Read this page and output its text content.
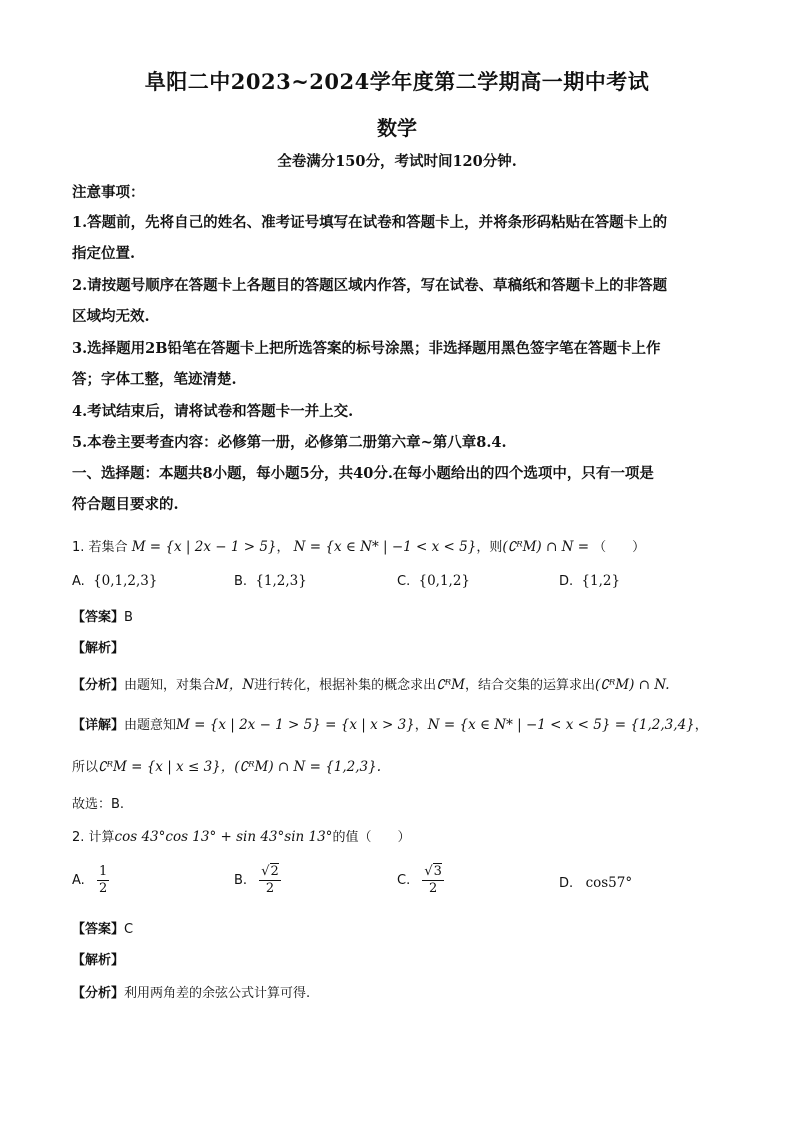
阜阳二中2023~2024学年度第二学期高一期中考试
数学
全卷满分150分，考试时间120分钟.
注意事项：
1.答题前，先将自己的姓名、准考证号填写在试卷和答题卡上，并将条形码粘贴在答题卡上的
指定位置.
2.请按题号顺序在答题卡上各题目的答题区域内作答，写在试卷、草稿纸和答题卡上的非答题
区域均无效.
3.选择题用2B铅笔在答题卡上把所选答案的标号涂黑；非选择题用黑色签字笔在答题卡上作
答；字体工整，笔迹清楚.
4.考试结束后，请将试卷和答题卡一并上交.
5.本卷主要考查内容：必修第一册，必修第二册第六章~第八章8.4.
一、选择题：本题共8小题，每小题5分，共40分.在每小题给出的四个选项中，只有一项是
符合题目要求的.
1. 若集合 M = {x | 2x − 1 > 5}， N = {x ∈ N* | −1 < x < 5}，则(∁ᴿM) ∩ N = （　　）
A. {0,1,2,3}	B. {1,2,3}	C. {0,1,2}	D. {1,2}
【答案】B
【解析】
【分析】由题知，对集合M，N进行转化，根据补集的概念求出∁ᴿM，结合交集的运算求出(∁ᴿM) ∩ N.
【详解】由题意知M = {x | 2x − 1 > 5} = {x | x > 3}，N = {x ∈ N* | −1 < x < 5} = {1,2,3,4}，
所以∁ᴿM = {x | x ≤ 3}，(∁ᴿM) ∩ N = {1,2,3}.
故选：B.
2. 计算cos 43°cos 13° + sin 43°sin 13°的值（　　）
A. $\frac{1}{2}$	B. $\frac{√2}{2}$	C. $\frac{√3}{2}$	D. cos57°
【答案】C
【解析】
【分析】利用两角差的余弦公式计算可得.
